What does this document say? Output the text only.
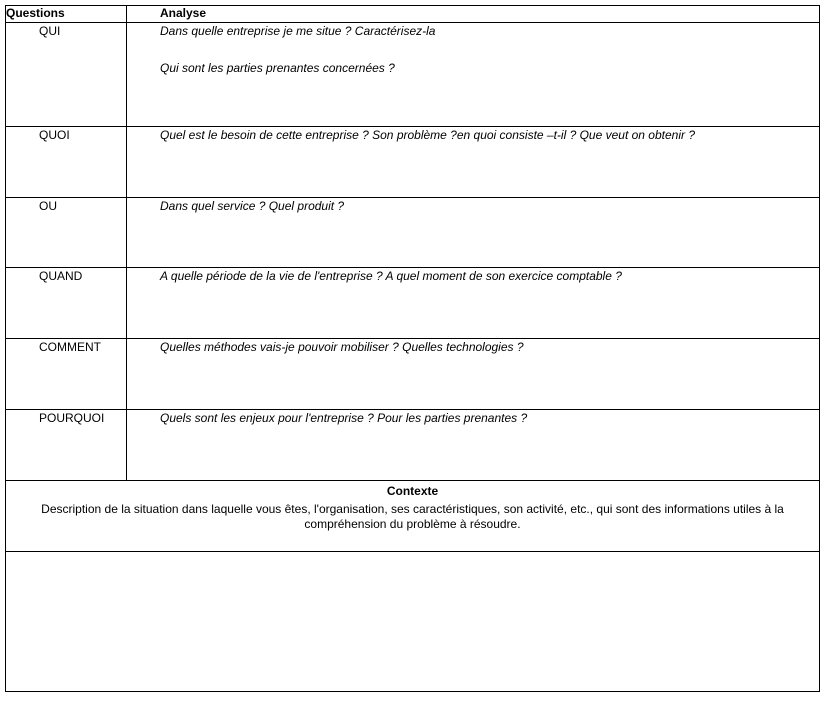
Questions	Analyse
QUI	Dans quelle entreprise je me situe ? Caractérisez-la

Qui sont les parties prenantes concernées ?

QUOI	Quel est le besoin de cette entreprise ? Son problème ?en quoi consiste –t-il ? Que veut on obtenir ?

OU	Dans quel service ? Quel produit ?

QUAND	A quelle période de la vie de l'entreprise ? A quel moment de son exercice comptable ?

COMMENT	Quelles méthodes vais-je pouvoir mobiliser ? Quelles technologies ?

POURQUOI	Quels sont les enjeux pour l'entreprise ? Pour les parties prenantes ?

Contexte
Description de la situation dans laquelle vous êtes, l'organisation, ses caractéristiques, son activité, etc., qui sont des informations utiles à la compréhension du problème à résoudre.	
